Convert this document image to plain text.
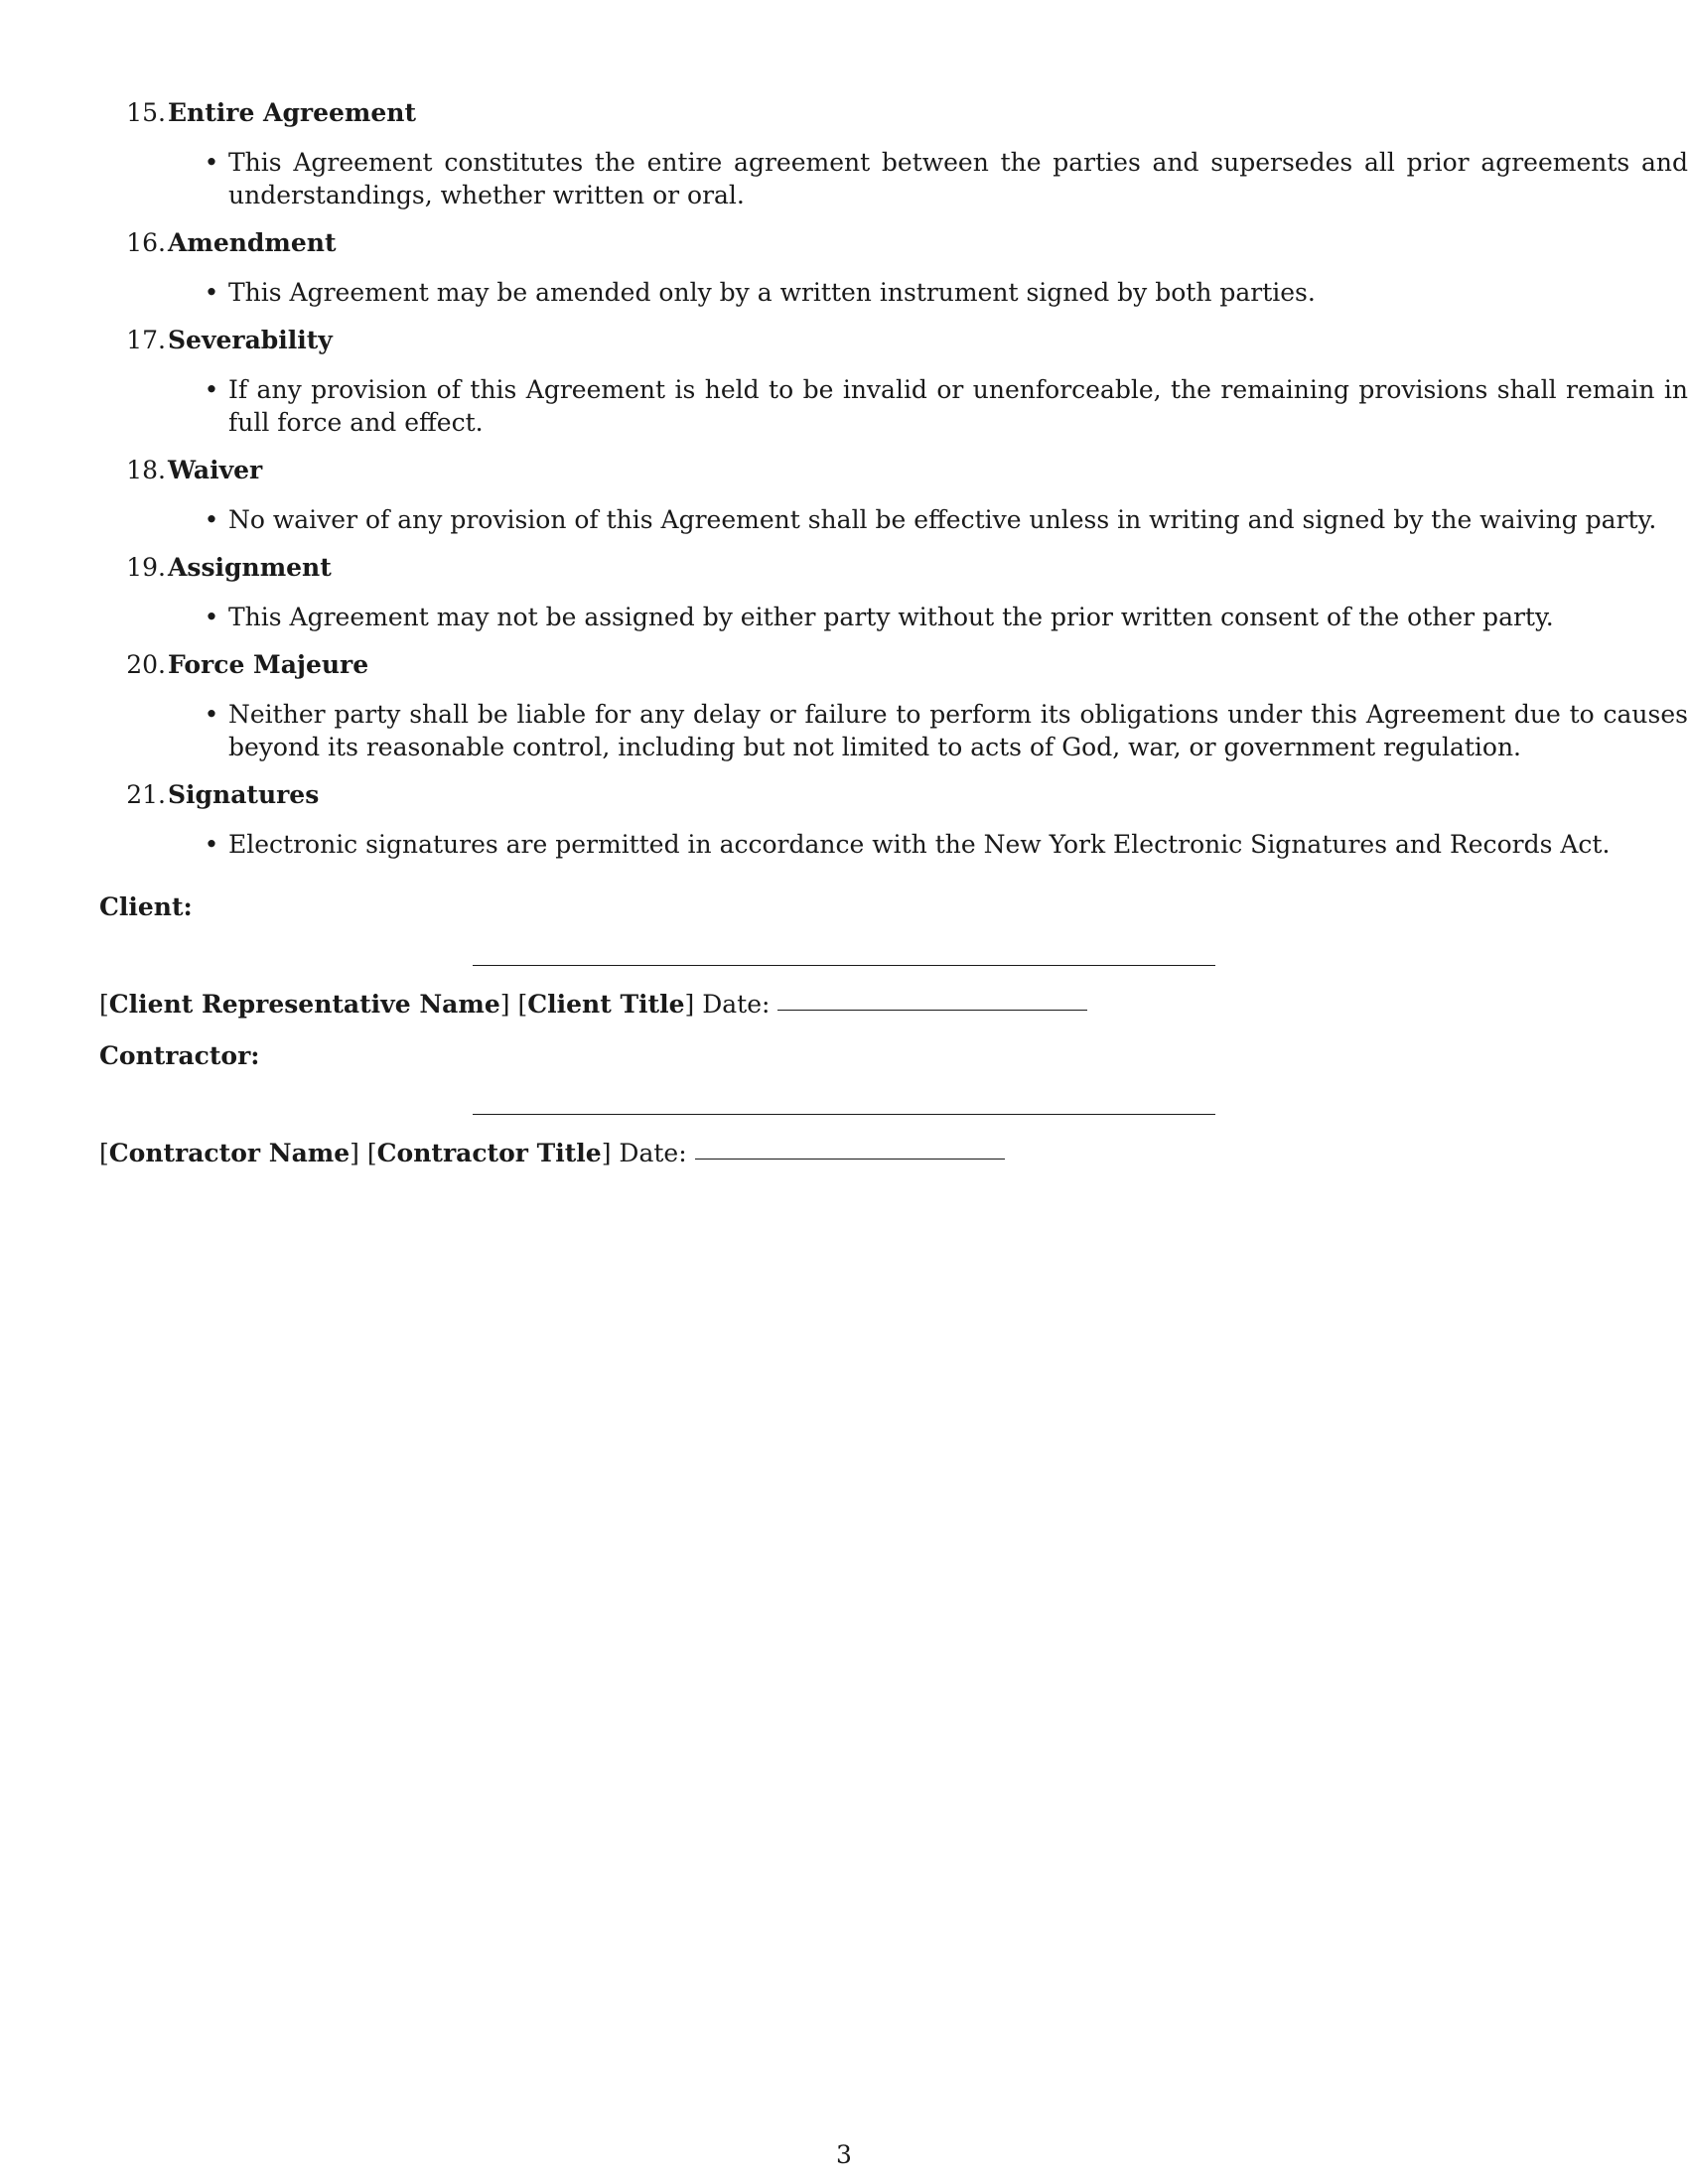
15. Entire Agreement
• This Agreement constitutes the entire agreement between the parties and supersedes all prior agreements and understandings, whether written or oral.
16. Amendment
• This Agreement may be amended only by a written instrument signed by both parties.
17. Severability
• If any provision of this Agreement is held to be invalid or unenforceable, the remaining provisions shall remain in full force and effect.
18. Waiver
• No waiver of any provision of this Agreement shall be effective unless in writing and signed by the waiving party.
19. Assignment
• This Agreement may not be assigned by either party without the prior written consent of the other party.
20. Force Majeure
• Neither party shall be liable for any delay or failure to perform its obligations under this Agreement due to causes beyond its reasonable control, including but not limited to acts of God, war, or government regulation.
21. Signatures
• Electronic signatures are permitted in accordance with the New York Electronic Signatures and Records Act.
Client:
[Client Representative Name] [Client Title] Date:
Contractor:
[Contractor Name] [Contractor Title] Date:
3
